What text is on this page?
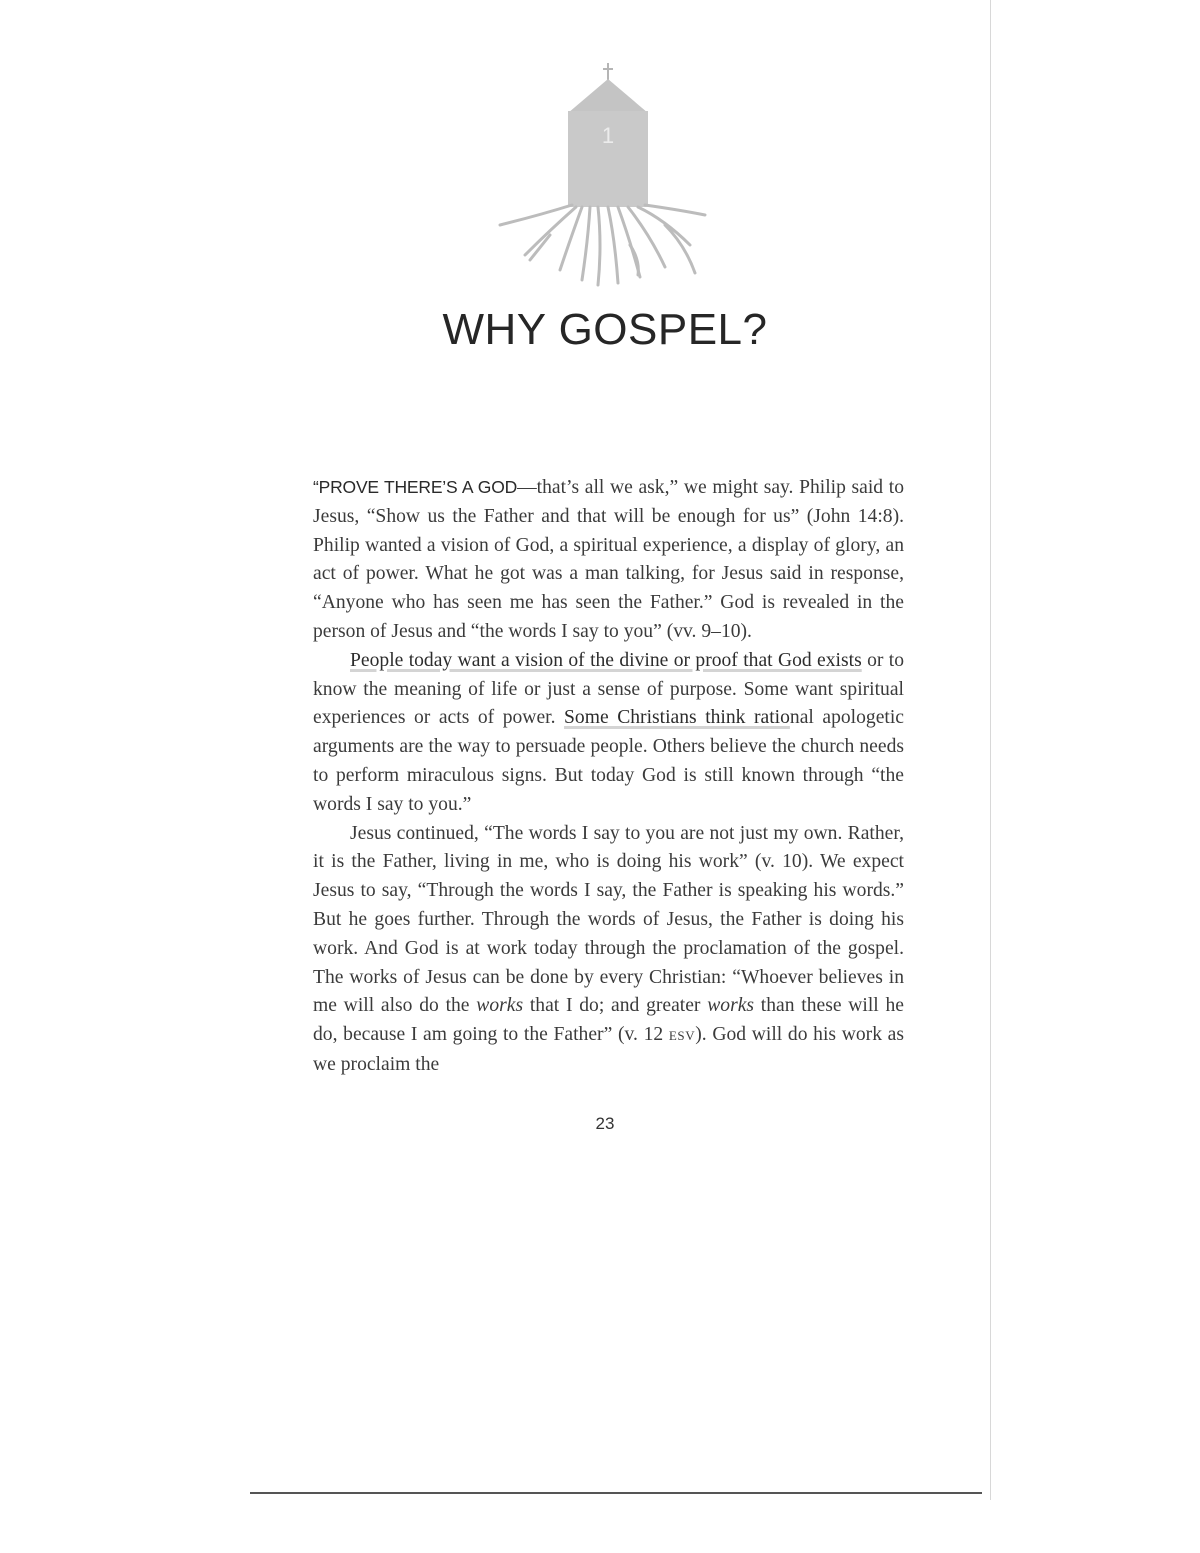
1
WHY GOSPEL?

“PROVE THERE’S A GOD—that’s all we ask,” we might say. Philip said to Jesus, “Show us the Father and that will be enough for us” (John 14:8). Philip wanted a vision of God, a spiritual experience, a display of glory, an act of power. What he got was a man talking, for Jesus said in response, “Anyone who has seen me has seen the Father.” God is revealed in the person of Jesus and “the words I say to you” (vv. 9–10).

People today want a vision of the divine or proof that God exists or to know the meaning of life or just a sense of purpose. Some want spiritual experiences or acts of power. Some Christians think rational apologetic arguments are the way to persuade people. Others believe the church needs to perform miraculous signs. But today God is still known through “the words I say to you.”

Jesus continued, “The words I say to you are not just my own. Rather, it is the Father, living in me, who is doing his work” (v. 10). We expect Jesus to say, “Through the words I say, the Father is speaking his words.” But he goes further. Through the words of Jesus, the Father is doing his work. And God is at work today through the proclamation of the gospel. The works of Jesus can be done by every Christian: “Whoever believes in me will also do the works that I do; and greater works than these will he do, because I am going to the Father” (v. 12 ESV). God will do his work as we proclaim the

23
